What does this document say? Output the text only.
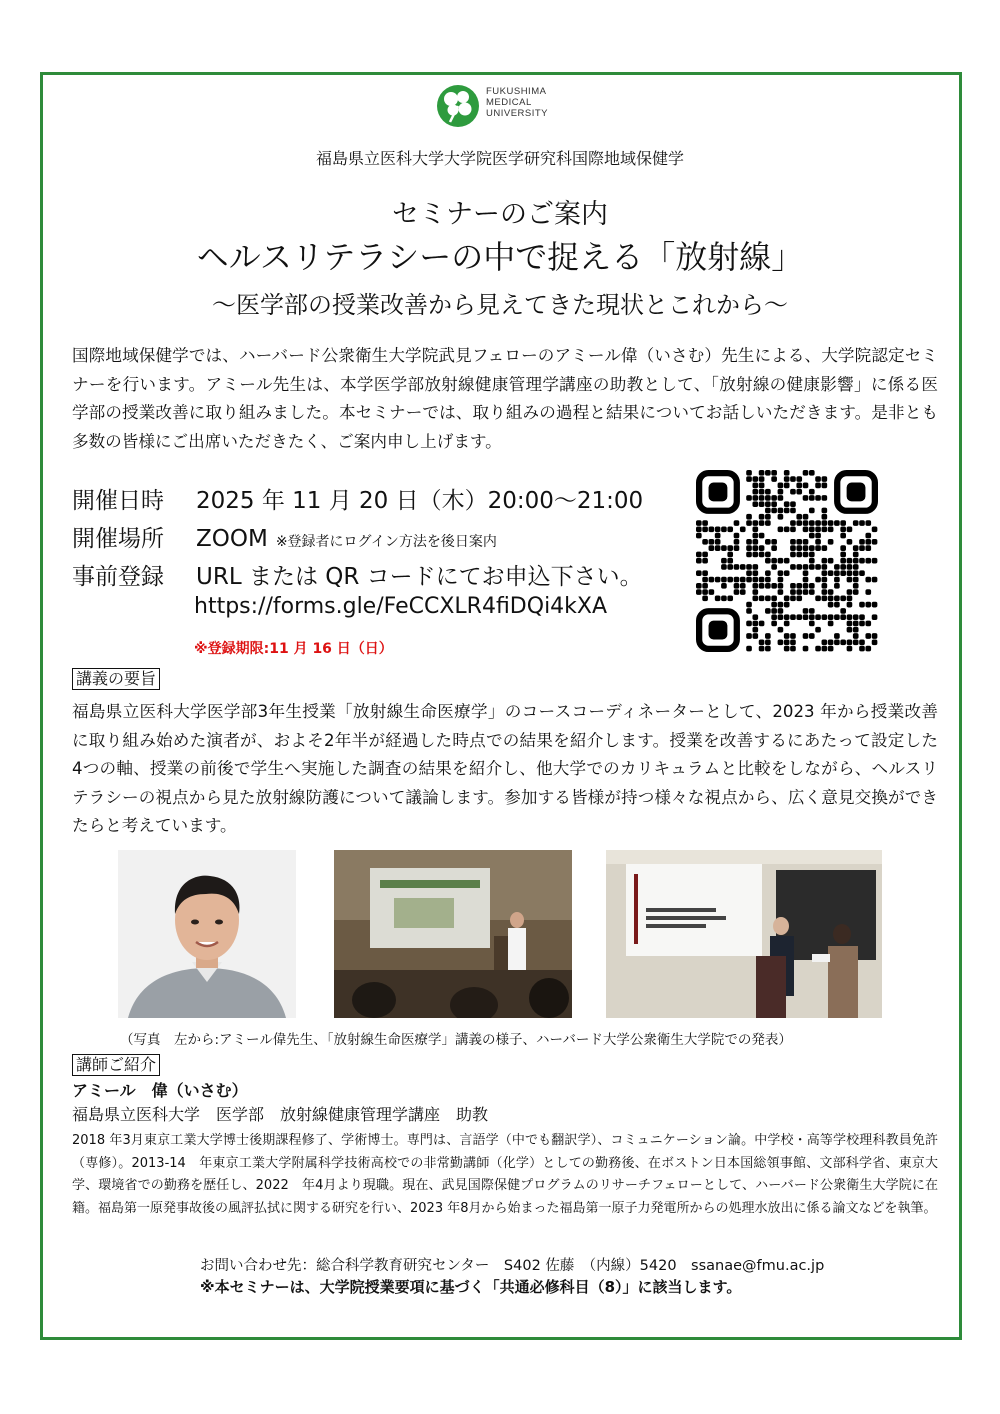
FUKUSHIMA
MEDICAL
UNIVERSITY
福島県立医科大学大学院医学研究科国際地域保健学
セミナーのご案内
ヘルスリテラシーの中で捉える「放射線」
～医学部の授業改善から見えてきた現状とこれから～
国際地域保健学では、ハーバード公衆衛生大学院武見フェローのアミール偉（いさむ）先生による、大学院認定セミナーを行います。アミール先生は、本学医学部放射線健康管理学講座の助教として、「放射線の健康影響」に係る医学部の授業改善に取り組みました。本セミナーでは、取り組みの過程と結果についてお話しいただきます。是非とも多数の皆様にご出席いただきたく、ご案内申し上げます。
開催日時 2025 年 11 月 20 日（木）20:00～21:00
開催場所 ZOOM ※登録者にログイン方法を後日案内
事前登録 URL または QR コードにてお申込下さい。
https://forms.gle/FeCCXLR4fiDQi4kXA
※登録期限:11 月 16 日（日）
講義の要旨
福島県立医科大学医学部3年生授業「放射線生命医療学」のコースコーディネーターとして、2023 年から授業改善に取り組み始めた演者が、およそ2年半が経過した時点での結果を紹介します。授業を改善するにあたって設定した4つの軸、授業の前後で学生へ実施した調査の結果を紹介し、他大学でのカリキュラムと比較をしながら、ヘルスリテラシーの視点から見た放射線防護について議論します。参加する皆様が持つ様々な視点から、広く意見交換ができたらと考えています。
（写真　左から:アミール偉先生、「放射線生命医療学」講義の様子、ハーバード大学公衆衛生大学院での発表）
講師ご紹介
アミール　偉（いさむ）
福島県立医科大学　医学部　放射線健康管理学講座　助教
2018 年3月東京工業大学博士後期課程修了、学術博士。専門は、言語学（中でも翻訳学）、コミュニケーション論。中学校・高等学校理科教員免許（専修）。2013-14　年東京工業大学附属科学技術高校での非常勤講師（化学）としての勤務後、在ボストン日本国総領事館、文部科学省、東京大学、環境省での勤務を歴任し、2022　年4月より現職。現在、武見国際保健プログラムのリサーチフェローとして、ハーバード公衆衛生大学院に在籍。福島第一原発事故後の風評払拭に関する研究を行い、2023 年8月から始まった福島第一原子力発電所からの処理水放出に係る論文などを執筆。
お問い合わせ先：総合科学教育研究センター　S402 佐藤　（内線）5420　ssanae@fmu.ac.jp
※本セミナーは、大学院授業要項に基づく「共通必修科目（8）」に該当します。
